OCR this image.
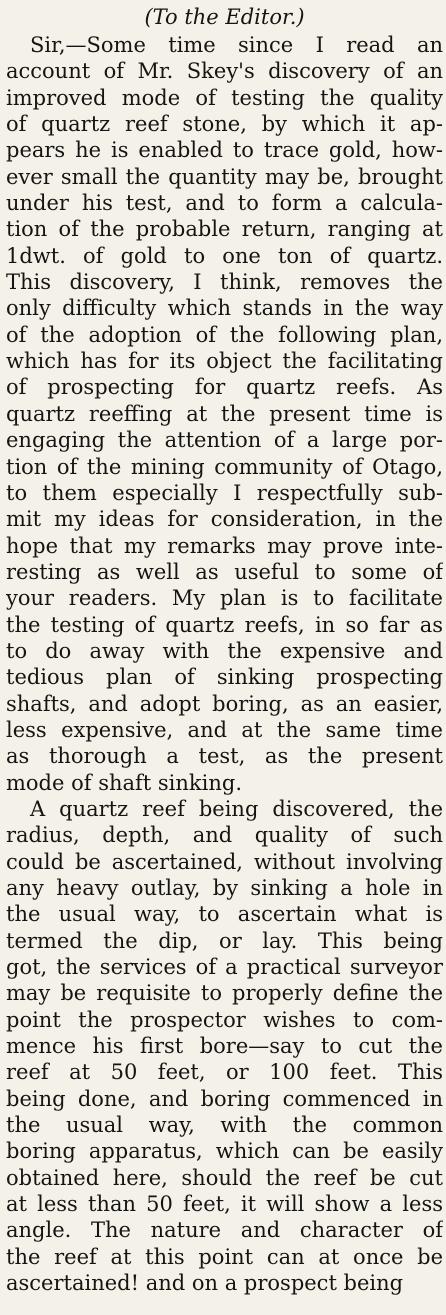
(To the Editor.)
Sir,—Some time since I read an
account of Mr. Skey's discovery of an
improved mode of testing the quality
of quartz reef stone, by which it ap-
pears he is enabled to trace gold, how-
ever small the quantity may be, brought
under his test, and to form a calcula-
tion of the probable return, ranging at
1dwt. of gold to one ton of quartz.
This discovery, I think, removes the
only difficulty which stands in the way
of the adoption of the following plan,
which has for its object the facilitating
of prospecting for quartz reefs. As
quartz reeffing at the present time is
engaging the attention of a large por-
tion of the mining community of Otago,
to them especially I respectfully sub-
mit my ideas for consideration, in the
hope that my remarks may prove inte-
resting as well as useful to some of
your readers. My plan is to facilitate
the testing of quartz reefs, in so far as
to do away with the expensive and
tedious plan of sinking prospecting
shafts, and adopt boring, as an easier,
less expensive, and at the same time
as thorough a test, as the present
mode of shaft sinking.
A quartz reef being discovered, the
radius, depth, and quality of such
could be ascertained, without involving
any heavy outlay, by sinking a hole in
the usual way, to ascertain what is
termed the dip, or lay. This being
got, the services of a practical surveyor
may be requisite to properly define the
point the prospector wishes to com-
mence his first bore—say to cut the
reef at 50 feet, or 100 feet. This
being done, and boring commenced in
the usual way, with the common
boring apparatus, which can be easily
obtained here, should the reef be cut
at less than 50 feet, it will show a less
angle. The nature and character of
the reef at this point can at once be
ascertained! and on a prospect being
